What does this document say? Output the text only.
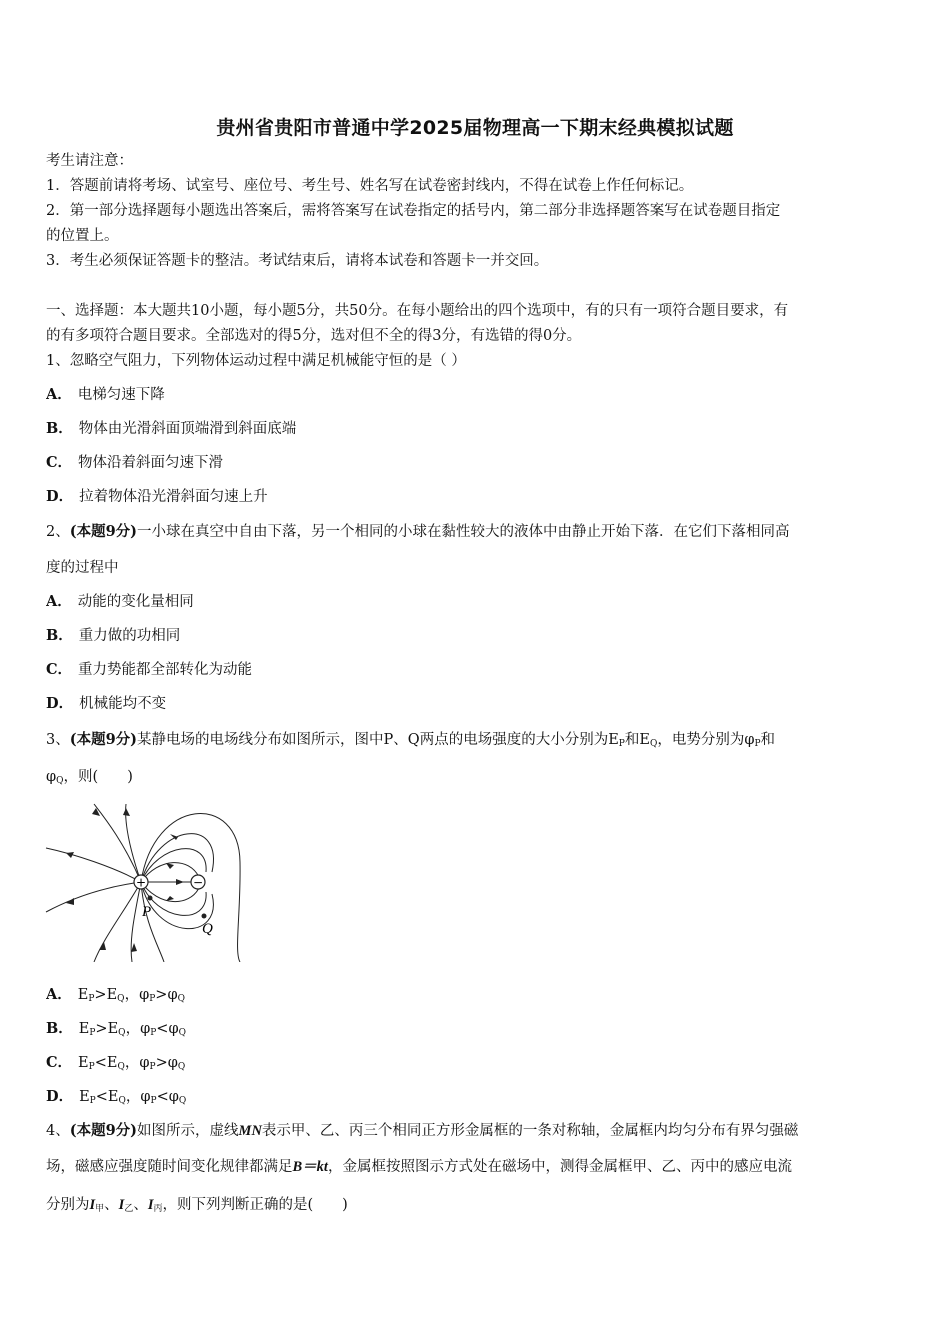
贵州省贵阳市普通中学2025届物理高一下期末经典模拟试题
考生请注意：
1．答题前请将考场、试室号、座位号、考生号、姓名写在试卷密封线内，不得在试卷上作任何标记。
2．第一部分选择题每小题选出答案后，需将答案写在试卷指定的括号内，第二部分非选择题答案写在试卷题目指定
的位置上。
3．考生必须保证答题卡的整洁。考试结束后，请将本试卷和答题卡一并交回。
一、选择题：本大题共10小题，每小题5分，共50分。在每小题给出的四个选项中，有的只有一项符合题目要求，有
的有多项符合题目要求。全部选对的得5分，选对但不全的得3分，有选错的得0分。
1、忽略空气阻力，下列物体运动过程中满足机械能守恒的是（ ）
A． 电梯匀速下降
B． 物体由光滑斜面顶端滑到斜面底端
C． 物体沿着斜面匀速下滑
D． 拉着物体沿光滑斜面匀速上升
2、(本题9分)一小球在真空中自由下落，另一个相同的小球在黏性较大的液体中由静止开始下落．在它们下落相同高
度的过程中
A． 动能的变化量相同
B． 重力做的功相同
C． 重力势能都全部转化为动能
D． 机械能均不变
3、(本题9分)某静电场的电场线分布如图所示，图中P、Q两点的电场强度的大小分别为$E_P$和$E_Q$，电势分别为$\varphi_P$和
$\varphi_Q$，则(　　)
+	−
P
Q
A． $E_P>E_Q$，$\varphi_P>\varphi_Q$
B． $E_P>E_Q$，$\varphi_P<\varphi_Q$
C． $E_P<E_Q$，$\varphi_P>\varphi_Q$
D． $E_P<E_Q$，$\varphi_P<\varphi_Q$
4、(本题9分)如图所示，虚线MN表示甲、乙、丙三个相同正方形金属框的一条对称轴，金属框内均匀分布有界匀强磁
场，磁感应强度随时间变化规律都满足B＝kt，金属框按照图示方式处在磁场中，测得金属框甲、乙、丙中的感应电流
分别为$I_甲$、$I_乙$、$I_丙$，则下列判断正确的是(　　)
